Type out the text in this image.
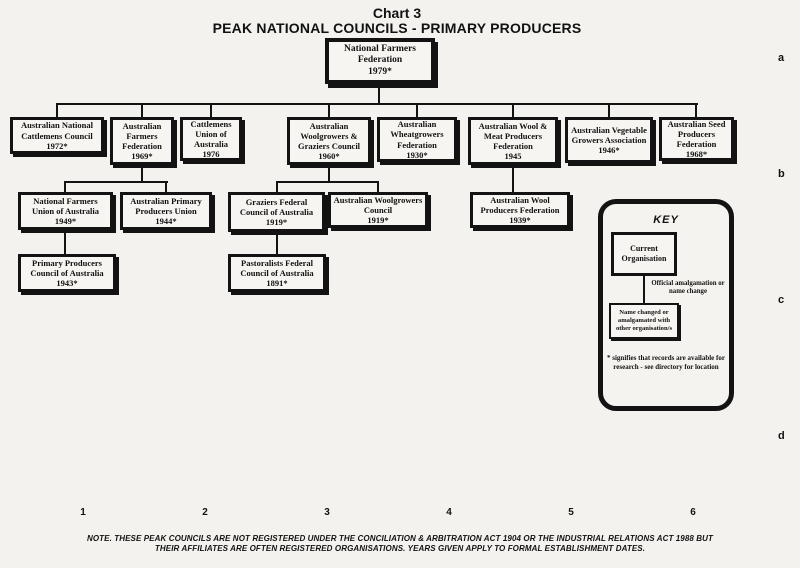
Chart 3
PEAK NATIONAL COUNCILS - PRIMARY PRODUCERS
National Farmers Federation
1979*
Australian National Cattlemens Council
1972*
Australian Farmers Federation
1969*
Cattlemens Union of Australia
1976
Australian Woolgrowers & Graziers Council
1960*
Australian Wheatgrowers Federation
1930*
Australian Wool & Meat Producers Federation
1945
Australian Vegetable Growers Association
1946*
Australian Seed Producers Federation
1968*
National Farmers Union of Australia
1949*
Australian Primary Producers Union
1944*
Graziers Federal Council of Australia
1919*
Australian Woolgrowers Council
1919*
Australian Wool Producers Federation
1939*
Primary Producers Council of Australia
1943*
Pastoralists Federal Council of Australia
1891*
KEY
Current Organisation
Official amalgamation or name change
Name changed or amalgamated with other organisation/s
* signifies that records are available for research - see directory for location
a
b
c
d
1	2	3	4	5	6
NOTE. THESE PEAK COUNCILS ARE NOT REGISTERED UNDER THE CONCILIATION & ARBITRATION ACT 1904 OR THE INDUSTRIAL RELATIONS ACT 1988 BUT
THEIR AFFILIATES ARE OFTEN REGISTERED ORGANISATIONS. YEARS GIVEN APPLY TO FORMAL ESTABLISHMENT DATES.
